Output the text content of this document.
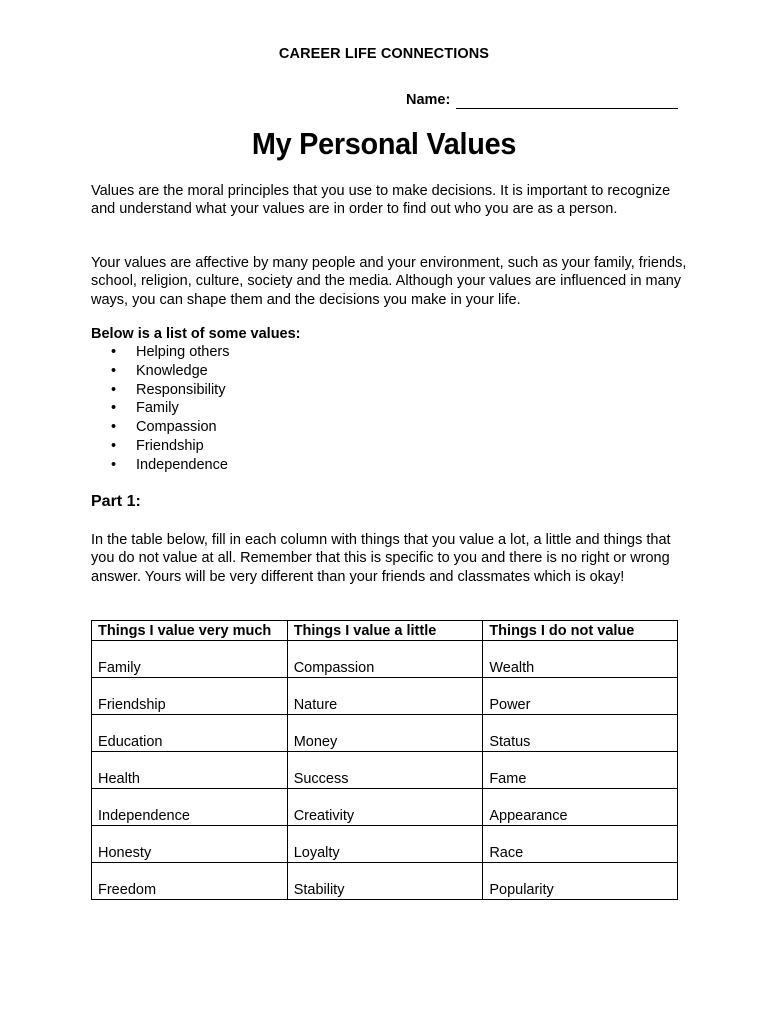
CAREER LIFE CONNECTIONS
Name:
My Personal Values
Values are the moral principles that you use to make decisions. It is important to recognize and understand what your values are in order to find out who you are as a person.
Your values are affective by many people and your environment, such as your family, friends, school, religion, culture, society and the media. Although your values are influenced in many ways, you can shape them and the decisions you make in your life.
Below is a list of some values:
• Helping others
• Knowledge
• Responsibility
• Family
• Compassion
• Friendship
• Independence
Part 1:
In the table below, fill in each column with things that you value a lot, a little and things that you do not value at all. Remember that this is specific to you and there is no right or wrong answer. Yours will be very different than your friends and classmates which is okay!
Things I value very much	Things I value a little	Things I do not value
Family	Compassion	Wealth
Friendship	Nature	Power
Education	Money	Status
Health	Success	Fame
Independence	Creativity	Appearance
Honesty	Loyalty	Race
Freedom	Stability	Popularity
